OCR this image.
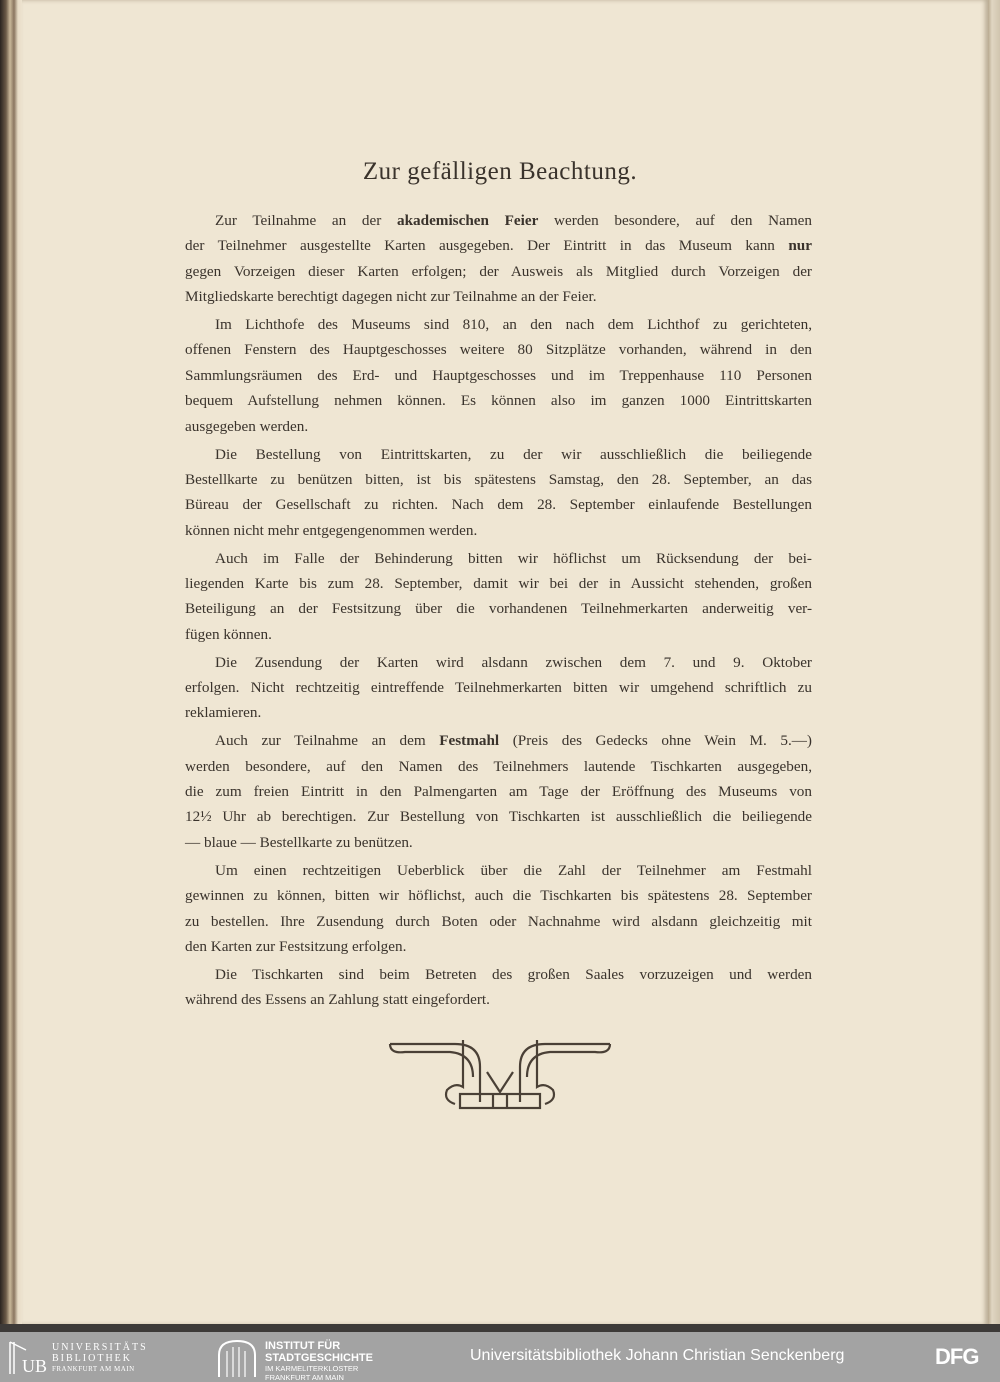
Zur gefälligen Beachtung.
Zur Teilnahme an der akademischen Feier werden besondere, auf den Namen
der Teilnehmer ausgestellte Karten ausgegeben. Der Eintritt in das Museum kann nur
gegen Vorzeigen dieser Karten erfolgen; der Ausweis als Mitglied durch Vorzeigen der
Mitgliedskarte berechtigt dagegen nicht zur Teilnahme an der Feier.
Im Lichthofe des Museums sind 810, an den nach dem Lichthof zu gerichteten,
offenen Fenstern des Hauptgeschosses weitere 80 Sitzplätze vorhanden, während in den
Sammlungsräumen des Erd- und Hauptgeschosses und im Treppenhause 110 Personen
bequem Aufstellung nehmen können. Es können also im ganzen 1000 Eintrittskarten
ausgegeben werden.
Die Bestellung von Eintrittskarten, zu der wir ausschließlich die beiliegende
Bestellkarte zu benützen bitten, ist bis spätestens Samstag, den 28. September, an das
Büreau der Gesellschaft zu richten. Nach dem 28. September einlaufende Bestellungen
können nicht mehr entgegengenommen werden.
Auch im Falle der Behinderung bitten wir höflichst um Rücksendung der bei-
liegenden Karte bis zum 28. September, damit wir bei der in Aussicht stehenden, großen
Beteiligung an der Festsitzung über die vorhandenen Teilnehmerkarten anderweitig ver-
fügen können.
Die Zusendung der Karten wird alsdann zwischen dem 7. und 9. Oktober
erfolgen. Nicht rechtzeitig eintreffende Teilnehmerkarten bitten wir umgehend schriftlich zu
reklamieren.
Auch zur Teilnahme an dem Festmahl (Preis des Gedecks ohne Wein M. 5.—)
werden besondere, auf den Namen des Teilnehmers lautende Tischkarten ausgegeben,
die zum freien Eintritt in den Palmengarten am Tage der Eröffnung des Museums von
12½ Uhr ab berechtigen. Zur Bestellung von Tischkarten ist ausschließlich die beiliegende
— blaue — Bestellkarte zu benützen.
Um einen rechtzeitigen Ueberblick über die Zahl der Teilnehmer am Festmahl
gewinnen zu können, bitten wir höflichst, auch die Tischkarten bis spätestens 28. September
zu bestellen. Ihre Zusendung durch Boten oder Nachnahme wird alsdann gleichzeitig mit
den Karten zur Festsitzung erfolgen.
Die Tischkarten sind beim Betreten des großen Saales vorzuzeigen und werden
während des Essens an Zahlung statt eingefordert.
UB
UNIVERSITÄTS
BIBLIOTHEK
FRANKFURT AM MAIN
INSTITUT FÜR
STADTGESCHICHTE
IM KARMELITERKLOSTER
FRANKFURT AM MAIN
Universitätsbibliothek Johann Christian Senckenberg	DFG
